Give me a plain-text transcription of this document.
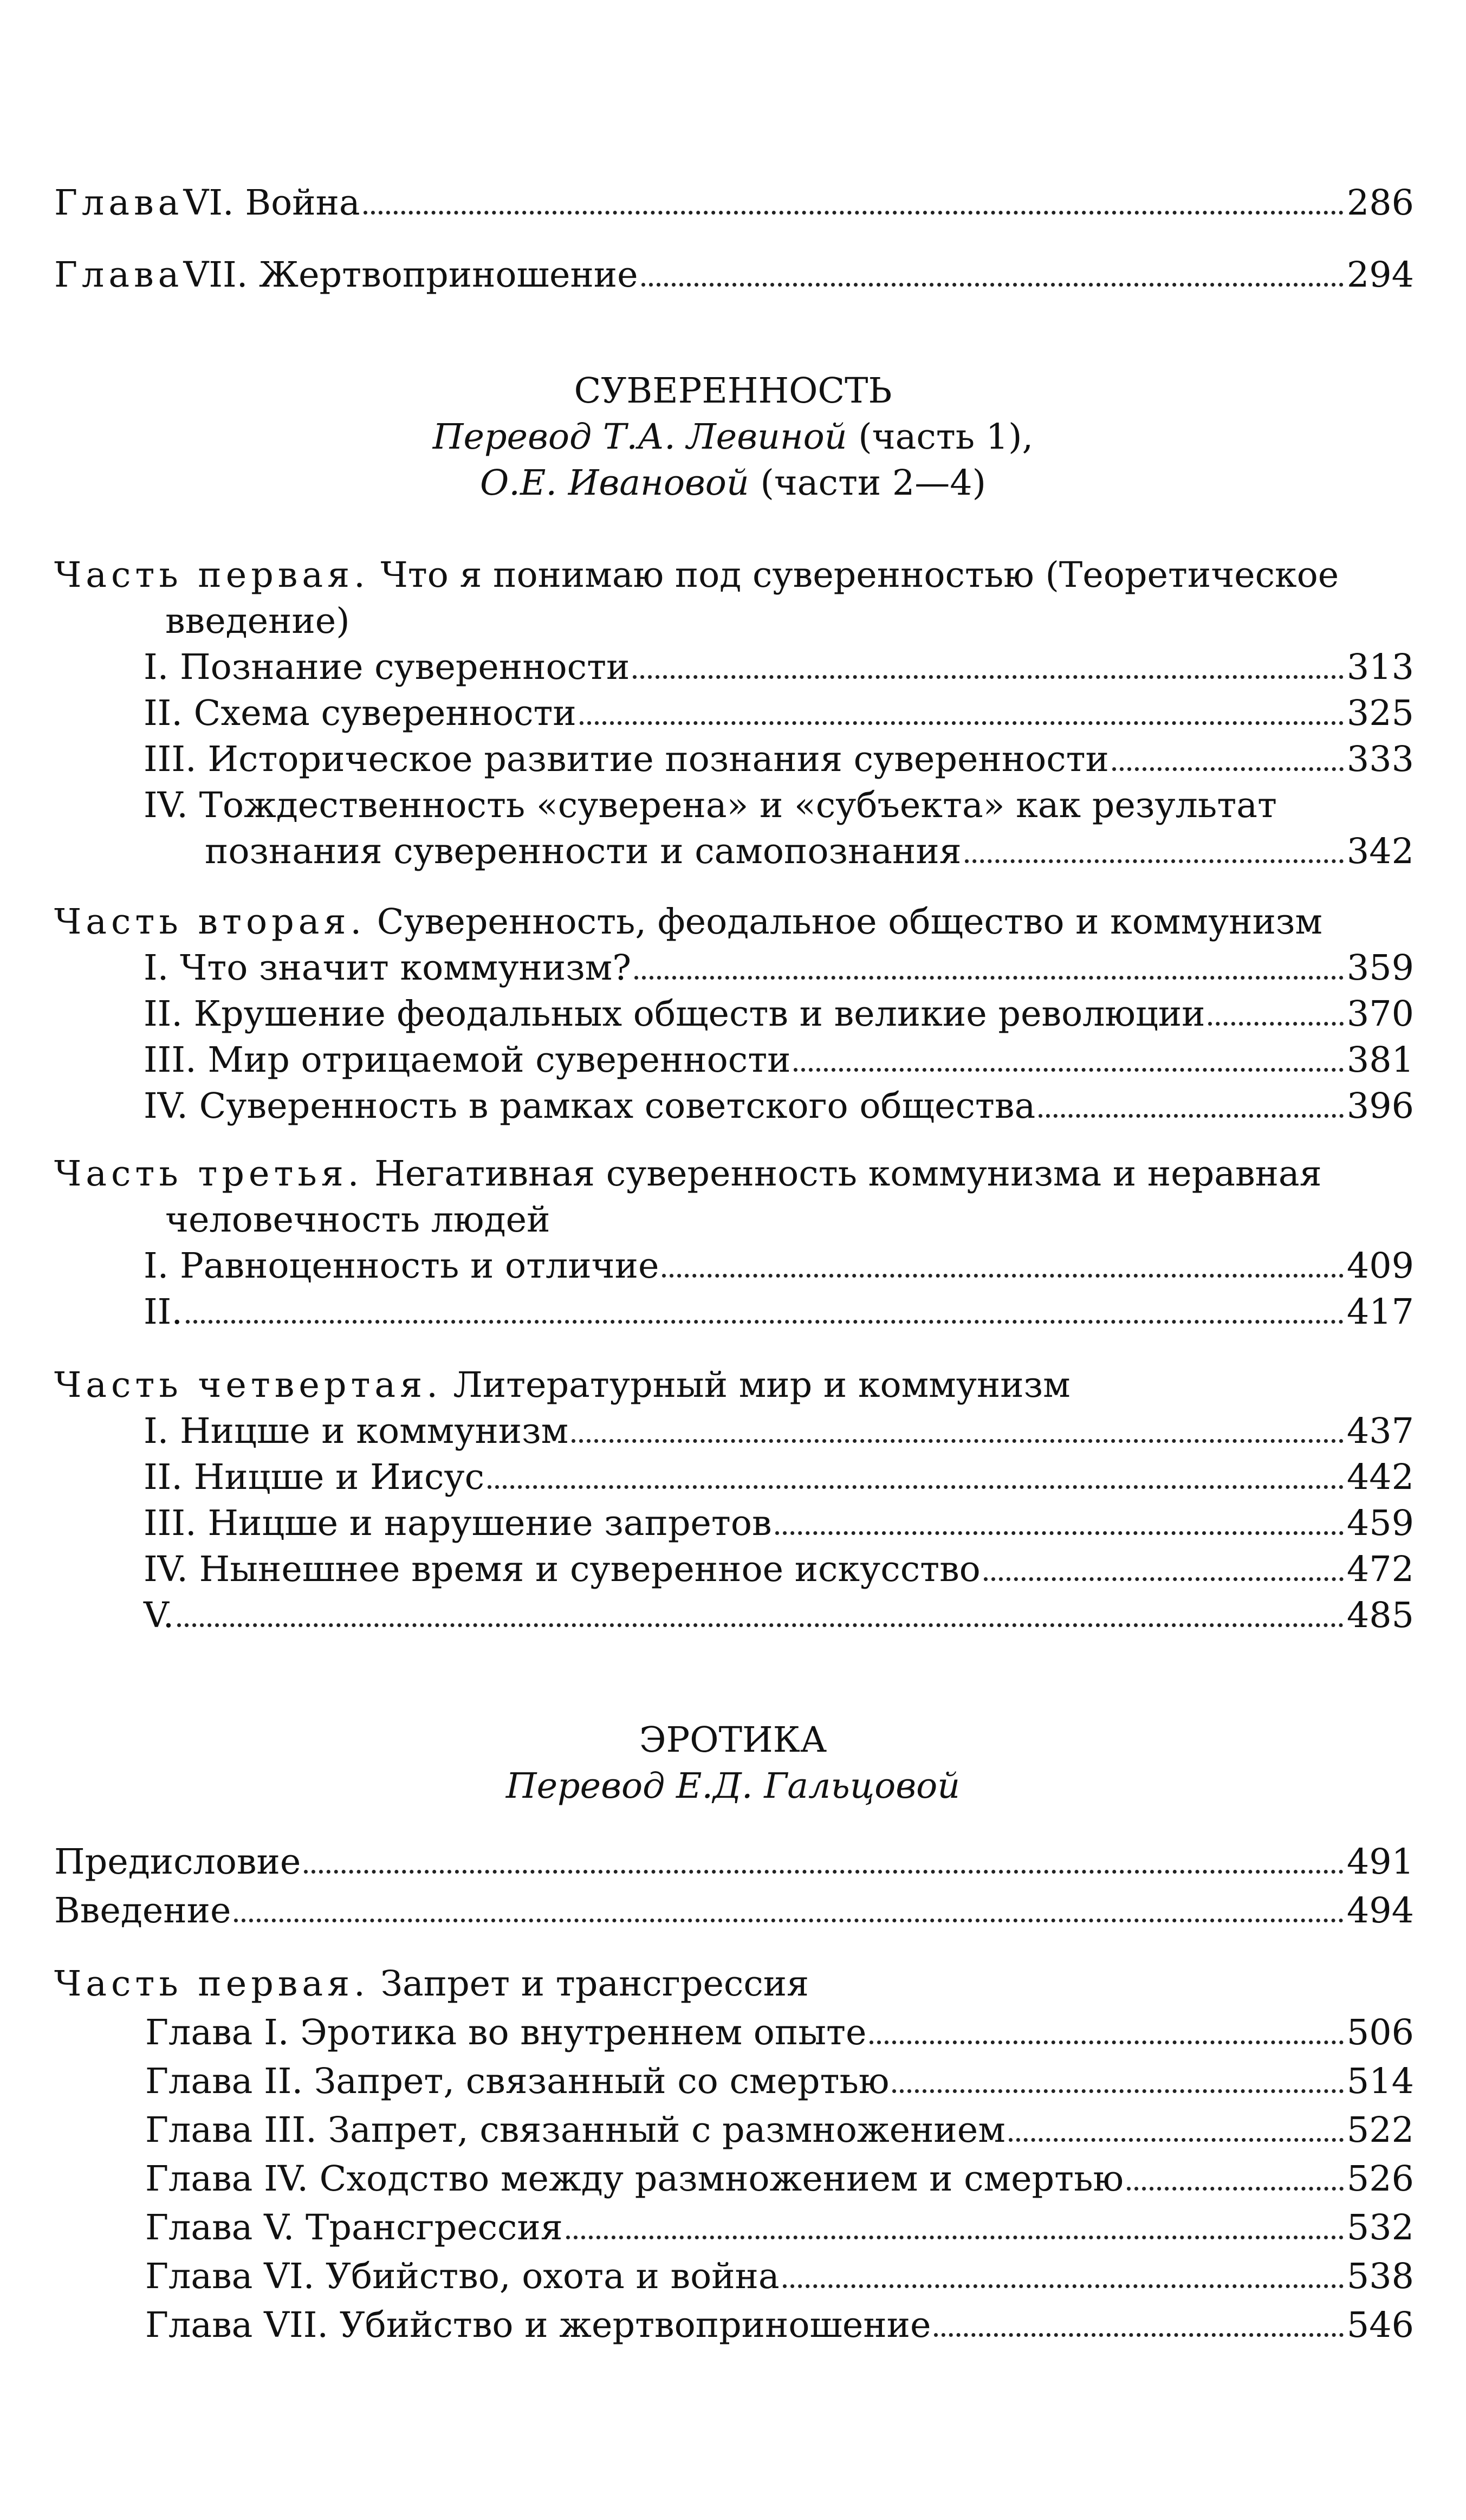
Глава VI. Война	286
Глава VII. Жертвоприношение	294
СУВЕРЕННОСТЬ
Перевод Т.А. Левиной (часть 1),
О.Е. Ивановой (части 2—4)
Часть первая. Что я понимаю под суверенностью (Теоретическое
введение)
I. Познание суверенности	313
II. Схема суверенности	325
III. Историческое развитие познания суверенности	333
IV. Тождественность «суверена» и «субъекта» как результат
познания суверенности и самопознания	342
Часть вторая. Суверенность, феодальное общество и коммунизм
I. Что значит коммунизм?	359
II. Крушение феодальных обществ и великие революции	370
III. Мир отрицаемой суверенности	381
IV. Суверенность в рамках советского общества	396
Часть третья. Негативная суверенность коммунизма и неравная
человечность людей
I. Равноценность и отличие	409
II.	417
Часть четвертая. Литературный мир и коммунизм
I. Ницше и коммунизм	437
II. Ницше и Иисус	442
III. Ницше и нарушение запретов	459
IV. Нынешнее время и суверенное искусство	472
V.	485
ЭРОТИКА
Перевод Е.Д. Гальцовой
Предисловие	491
Введение	494
Часть первая. Запрет и трансгрессия
Глава I. Эротика во внутреннем опыте	506
Глава II. Запрет, связанный со смертью	514
Глава III. Запрет, связанный с размножением	522
Глава IV. Сходство между размножением и смертью	526
Глава V. Трансгрессия	532
Глава VI. Убийство, охота и война	538
Глава VII. Убийство и жертвоприношение	546
